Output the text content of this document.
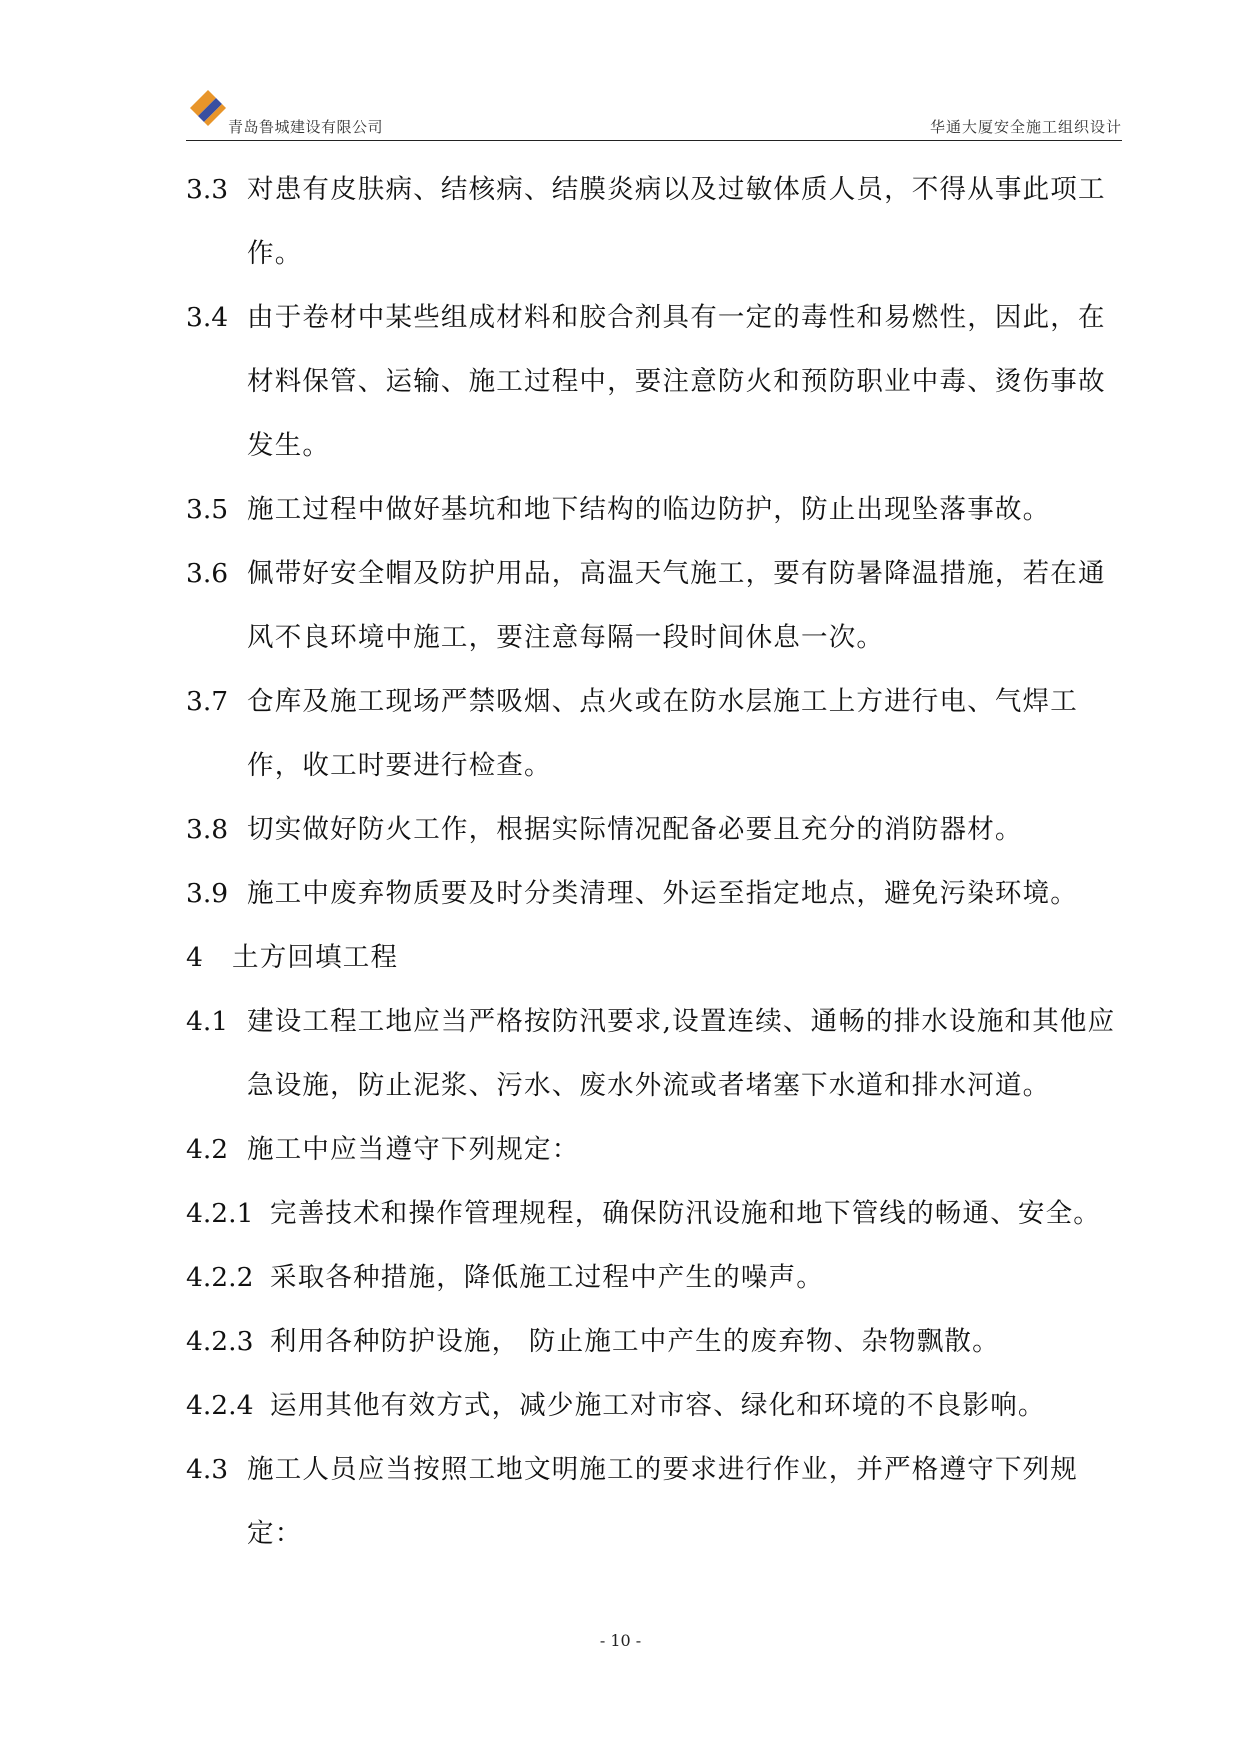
青岛鲁城建设有限公司	华通大厦安全施工组织设计
3.3 对患有皮肤病、结核病、结膜炎病以及过敏体质人员，不得从事此项工作。
3.4 由于卷材中某些组成材料和胶合剂具有一定的毒性和易燃性，因此，在材料保管、运输、施工过程中，要注意防火和预防职业中毒、烫伤事故发生。
3.5 施工过程中做好基坑和地下结构的临边防护，防止出现坠落事故。
3.6 佩带好安全帽及防护用品，高温天气施工，要有防暑降温措施，若在通风不良环境中施工，要注意每隔一段时间休息一次。
3.7 仓库及施工现场严禁吸烟、点火或在防水层施工上方进行电、气焊工作，收工时要进行检查。
3.8 切实做好防火工作，根据实际情况配备必要且充分的消防器材。
3.9 施工中废弃物质要及时分类清理、外运至指定地点，避免污染环境。
4	土方回填工程
4.1 建设工程工地应当严格按防汛要求,设置连续、通畅的排水设施和其他应急设施，防止泥浆、污水、废水外流或者堵塞下水道和排水河道。
4.2 施工中应当遵守下列规定：
4.2.1 完善技术和操作管理规程，确保防汛设施和地下管线的畅通、安全。
4.2.2 采取各种措施，降低施工过程中产生的噪声。
4.2.3 利用各种防护设施， 防止施工中产生的废弃物、杂物飘散。
4.2.4 运用其他有效方式，减少施工对市容、绿化和环境的不良影响。
4.3 施工人员应当按照工地文明施工的要求进行作业，并严格遵守下列规定：
- 10 -
